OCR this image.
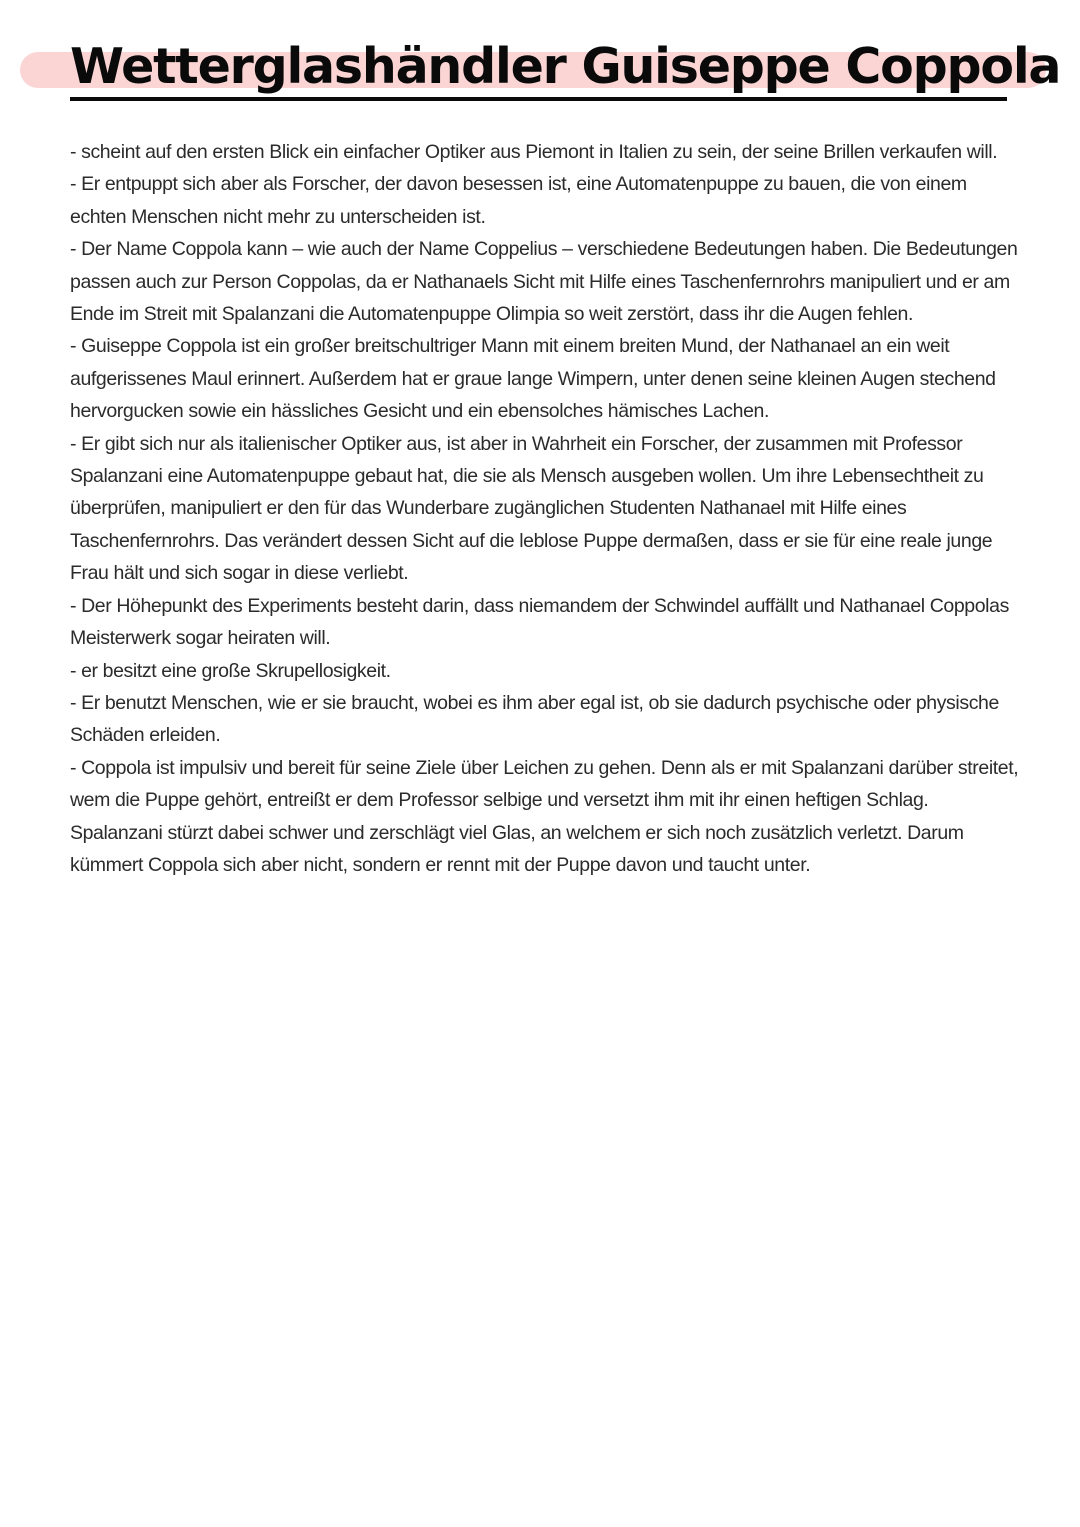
Wetterglashändler Guiseppe Coppola
- scheint auf den ersten Blick ein einfacher Optiker aus Piemont in Italien zu sein, der seine Brillen verkaufen will.
- Er entpuppt sich aber als Forscher, der davon besessen ist, eine Automatenpuppe zu bauen, die von einem echten Menschen nicht mehr zu unterscheiden ist.
- Der Name Coppola kann – wie auch der Name Coppelius – verschiedene Bedeutungen haben. Die Bedeutungen passen auch zur Person Coppolas, da er Nathanaels Sicht mit Hilfe eines Taschenfernrohrs manipuliert und er am Ende im Streit mit Spalanzani die Automatenpuppe Olimpia so weit zerstört, dass ihr die Augen fehlen.
- Guiseppe Coppola ist ein großer breitschultriger Mann mit einem breiten Mund, der Nathanael an ein weit aufgerissenes Maul erinnert. Außerdem hat er graue lange Wimpern, unter denen seine kleinen Augen stechend hervorgucken sowie ein hässliches Gesicht und ein ebensolches hämisches Lachen.
- Er gibt sich nur als italienischer Optiker aus, ist aber in Wahrheit ein Forscher, der zusammen mit Professor Spalanzani eine Automatenpuppe gebaut hat, die sie als Mensch ausgeben wollen. Um ihre Lebensechtheit zu überprüfen, manipuliert er den für das Wunderbare zugänglichen Studenten Nathanael mit Hilfe eines Taschenfernrohrs. Das verändert dessen Sicht auf die leblose Puppe dermaßen, dass er sie für eine reale junge Frau hält und sich sogar in diese verliebt.
- Der Höhepunkt des Experiments besteht darin, dass niemandem der Schwindel auffällt und Nathanael Coppolas Meisterwerk sogar heiraten will.
- er besitzt eine große Skrupellosigkeit.
- Er benutzt Menschen, wie er sie braucht, wobei es ihm aber egal ist, ob sie dadurch psychische oder physische Schäden erleiden.
- Coppola ist impulsiv und bereit für seine Ziele über Leichen zu gehen. Denn als er mit Spalanzani darüber streitet, wem die Puppe gehört, entreißt er dem Professor selbige und versetzt ihm mit ihr einen heftigen Schlag. Spalanzani stürzt dabei schwer und zerschlägt viel Glas, an welchem er sich noch zusätzlich verletzt. Darum kümmert Coppola sich aber nicht, sondern er rennt mit der Puppe davon und taucht unter.
